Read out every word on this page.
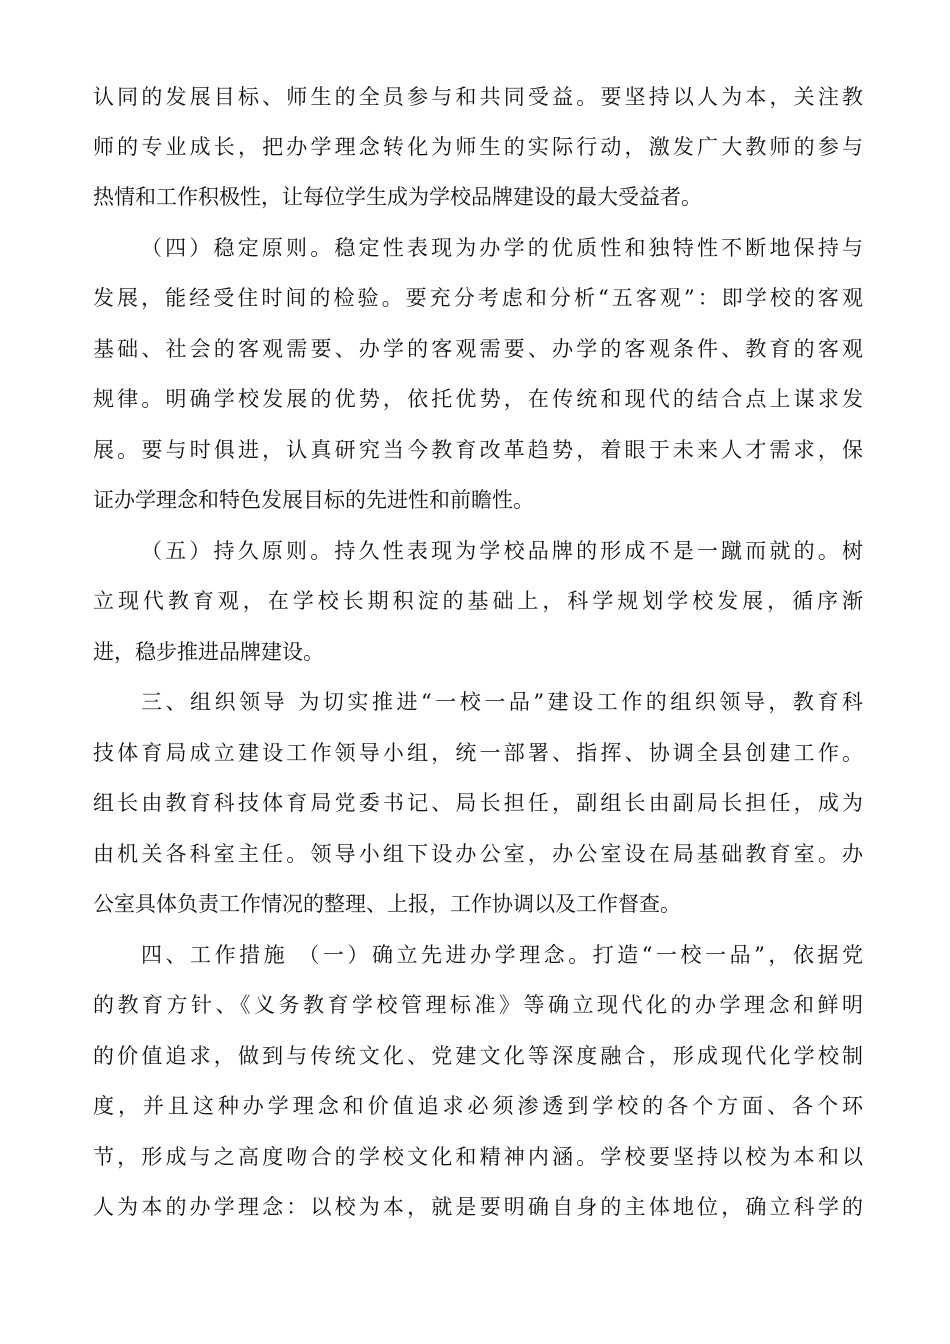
认同的发展目标、师生的全员参与和共同受益。要坚持以人为本，关注教
师的专业成长，把办学理念转化为师生的实际行动，激发广大教师的参与
热情和工作积极性，让每位学生成为学校品牌建设的最大受益者。
（四）稳定原则。稳定性表现为办学的优质性和独特性不断地保持与
发展，能经受住时间的检验。要充分考虑和分析“五客观”：即学校的客观
基础、社会的客观需要、办学的客观需要、办学的客观条件、教育的客观
规律。明确学校发展的优势，依托优势，在传统和现代的结合点上谋求发
展。要与时俱进，认真研究当今教育改革趋势，着眼于未来人才需求，保
证办学理念和特色发展目标的先进性和前瞻性。
（五）持久原则。持久性表现为学校品牌的形成不是一蹴而就的。树
立现代教育观，在学校长期积淀的基础上，科学规划学校发展，循序渐
进，稳步推进品牌建设。
三、组织领导 为切实推进“一校一品”建设工作的组织领导，教育科
技体育局成立建设工作领导小组，统一部署、指挥、协调全县创建工作。
组长由教育科技体育局党委书记、局长担任，副组长由副局长担任，成为
由机关各科室主任。领导小组下设办公室，办公室设在局基础教育室。办
公室具体负责工作情况的整理、上报，工作协调以及工作督查。
四、工作措施 （一）确立先进办学理念。打造“一校一品”，依据党
的教育方针、《义务教育学校管理标准》等确立现代化的办学理念和鲜明
的价值追求，做到与传统文化、党建文化等深度融合，形成现代化学校制
度，并且这种办学理念和价值追求必须渗透到学校的各个方面、各个环
节，形成与之高度吻合的学校文化和精神内涵。学校要坚持以校为本和以
人为本的办学理念：以校为本，就是要明确自身的主体地位，确立科学的
